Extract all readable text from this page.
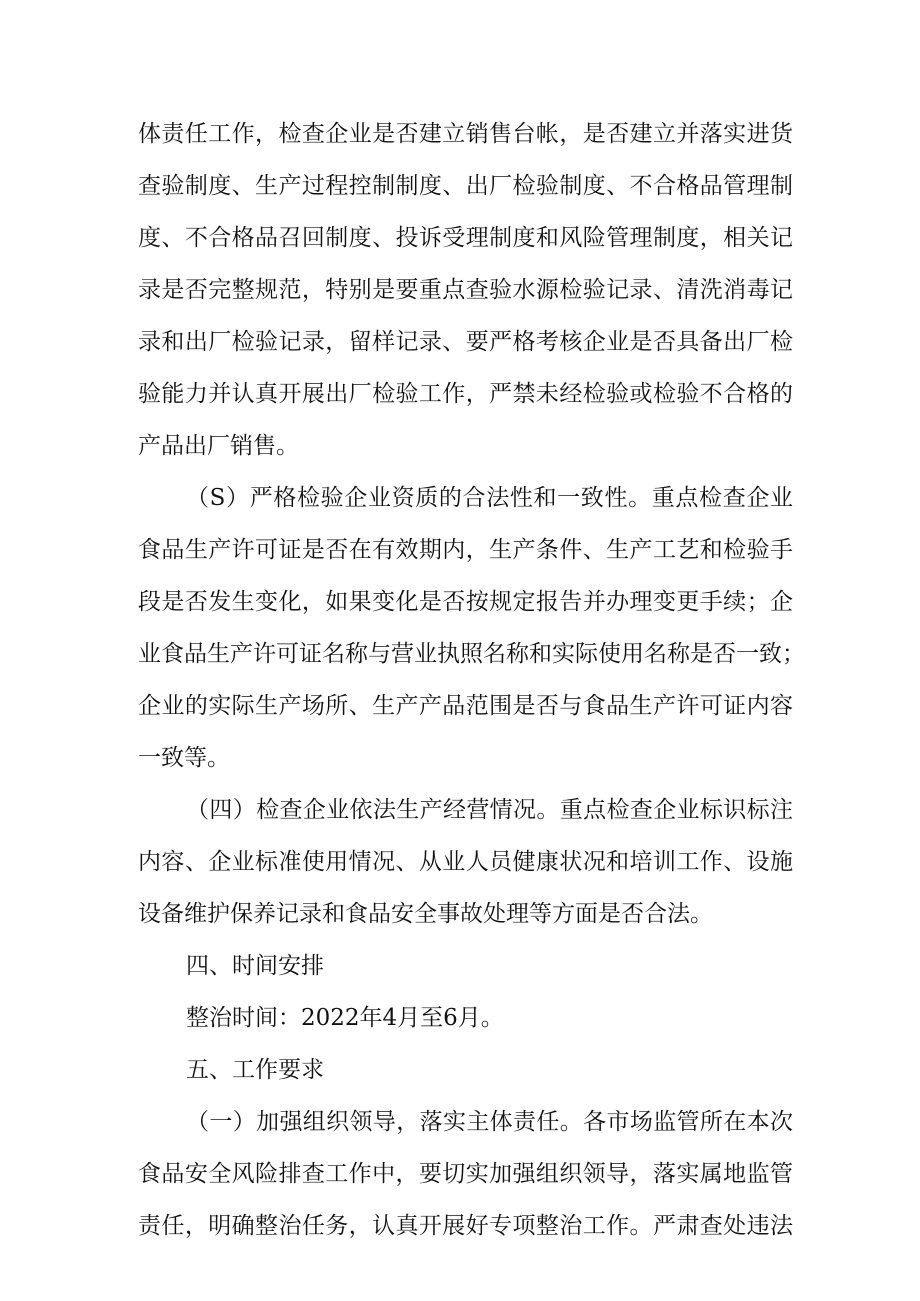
体责任工作，检查企业是否建立销售台帐，是否建立并落实进货
查验制度、生产过程控制制度、出厂检验制度、不合格品管理制
度、不合格品召回制度、投诉受理制度和风险管理制度，相关记
录是否完整规范，特别是要重点查验水源检验记录、清洗消毒记
录和出厂检验记录，留样记录、要严格考核企业是否具备出厂检
验能力并认真开展出厂检验工作，严禁未经检验或检验不合格的
产品出厂销售。
（S）严格检验企业资质的合法性和一致性。重点检查企业
食品生产许可证是否在有效期内，生产条件、生产工艺和检验手
段是否发生变化，如果变化是否按规定报告并办理变更手续；企
业食品生产许可证名称与营业执照名称和实际使用名称是否一致；
企业的实际生产场所、生产产品范围是否与食品生产许可证内容
一致等。
（四）检查企业依法生产经营情况。重点检查企业标识标注
内容、企业标准使用情况、从业人员健康状况和培训工作、设施
设备维护保养记录和食品安全事故处理等方面是否合法。
四、时间安排
整治时间：2022年4月至6月。
五、工作要求
（一）加强组织领导，落实主体责任。各市场监管所在本次
食品安全风险排查工作中，要切实加强组织领导，落实属地监管
责任，明确整治任务，认真开展好专项整治工作。严肃查处违法
